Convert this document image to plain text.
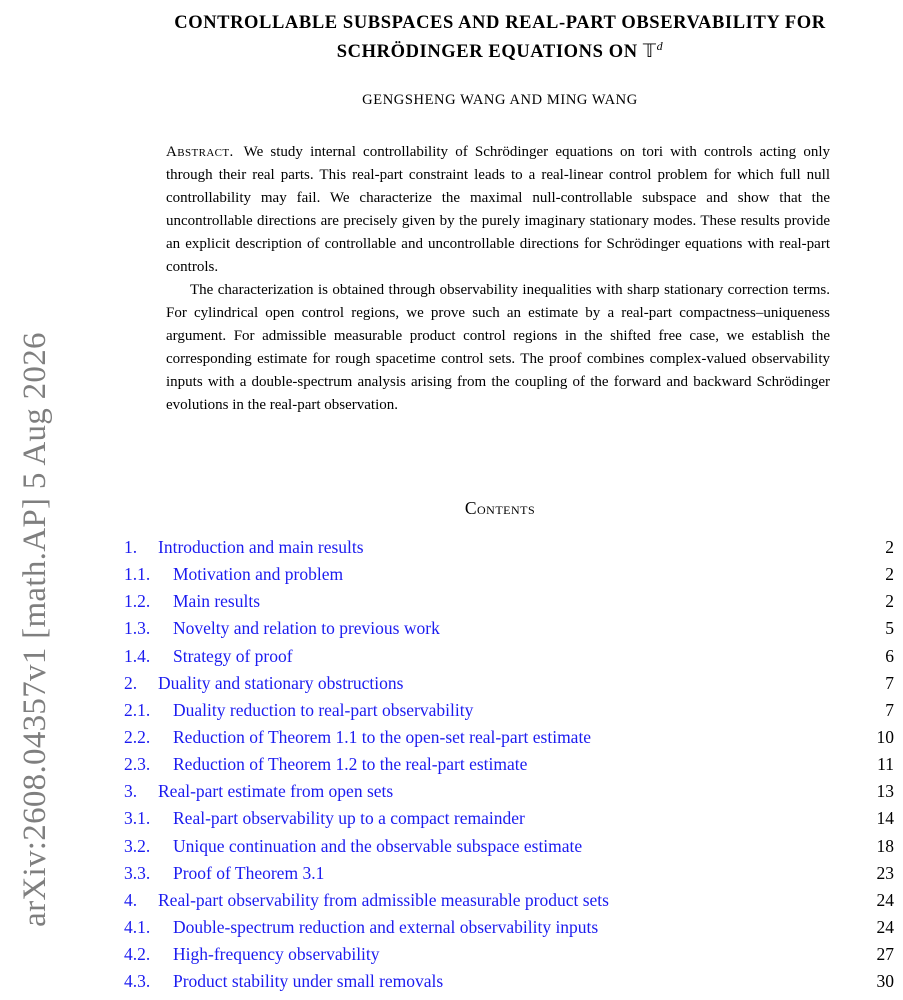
arXiv:2608.04357v1 [math.AP] 5 Aug 2026
CONTROLLABLE SUBSPACES AND REAL-PART OBSERVABILITY FOR
SCHRÖDINGER EQUATIONS ON 𝕋$^d$
GENGSHENG WANG AND MING WANG

Abstract. We study internal controllability of Schrödinger equations on tori with controls acting only through their real parts. This real-part constraint leads to a real-linear control problem for which full null controllability may fail. We characterize the maximal null-controllable subspace and show that the uncontrollable directions are precisely given by the purely imaginary stationary modes. These results provide an explicit description of controllable and uncontrollable directions for Schrödinger equations with real-part controls.

The characterization is obtained through observability inequalities with sharp stationary correction terms. For cylindrical open control regions, we prove such an estimate by a real-part compactness–uniqueness argument. For admissible measurable product control regions in the shifted free case, we establish the corresponding estimate for rough spacetime control sets. The proof combines complex-valued observability inputs with a double-spectrum analysis arising from the coupling of the forward and backward Schrödinger evolutions in the real-part observation.

Contents
1.	Introduction and main results	2
1.1.	Motivation and problem	2
1.2.	Main results	2
1.3.	Novelty and relation to previous work	5
1.4.	Strategy of proof	6
2.	Duality and stationary obstructions	7
2.1.	Duality reduction to real-part observability	7
2.2.	Reduction of Theorem 1.1 to the open-set real-part estimate	10
2.3.	Reduction of Theorem 1.2 to the real-part estimate	11
3.	Real-part estimate from open sets	13
3.1.	Real-part observability up to a compact remainder	14
3.2.	Unique continuation and the observable subspace estimate	18
3.3.	Proof of Theorem 3.1	23
4.	Real-part observability from admissible measurable product sets	24
4.1.	Double-spectrum reduction and external observability inputs	24
4.2.	High-frequency observability	27
4.3.	Product stability under small removals	30
